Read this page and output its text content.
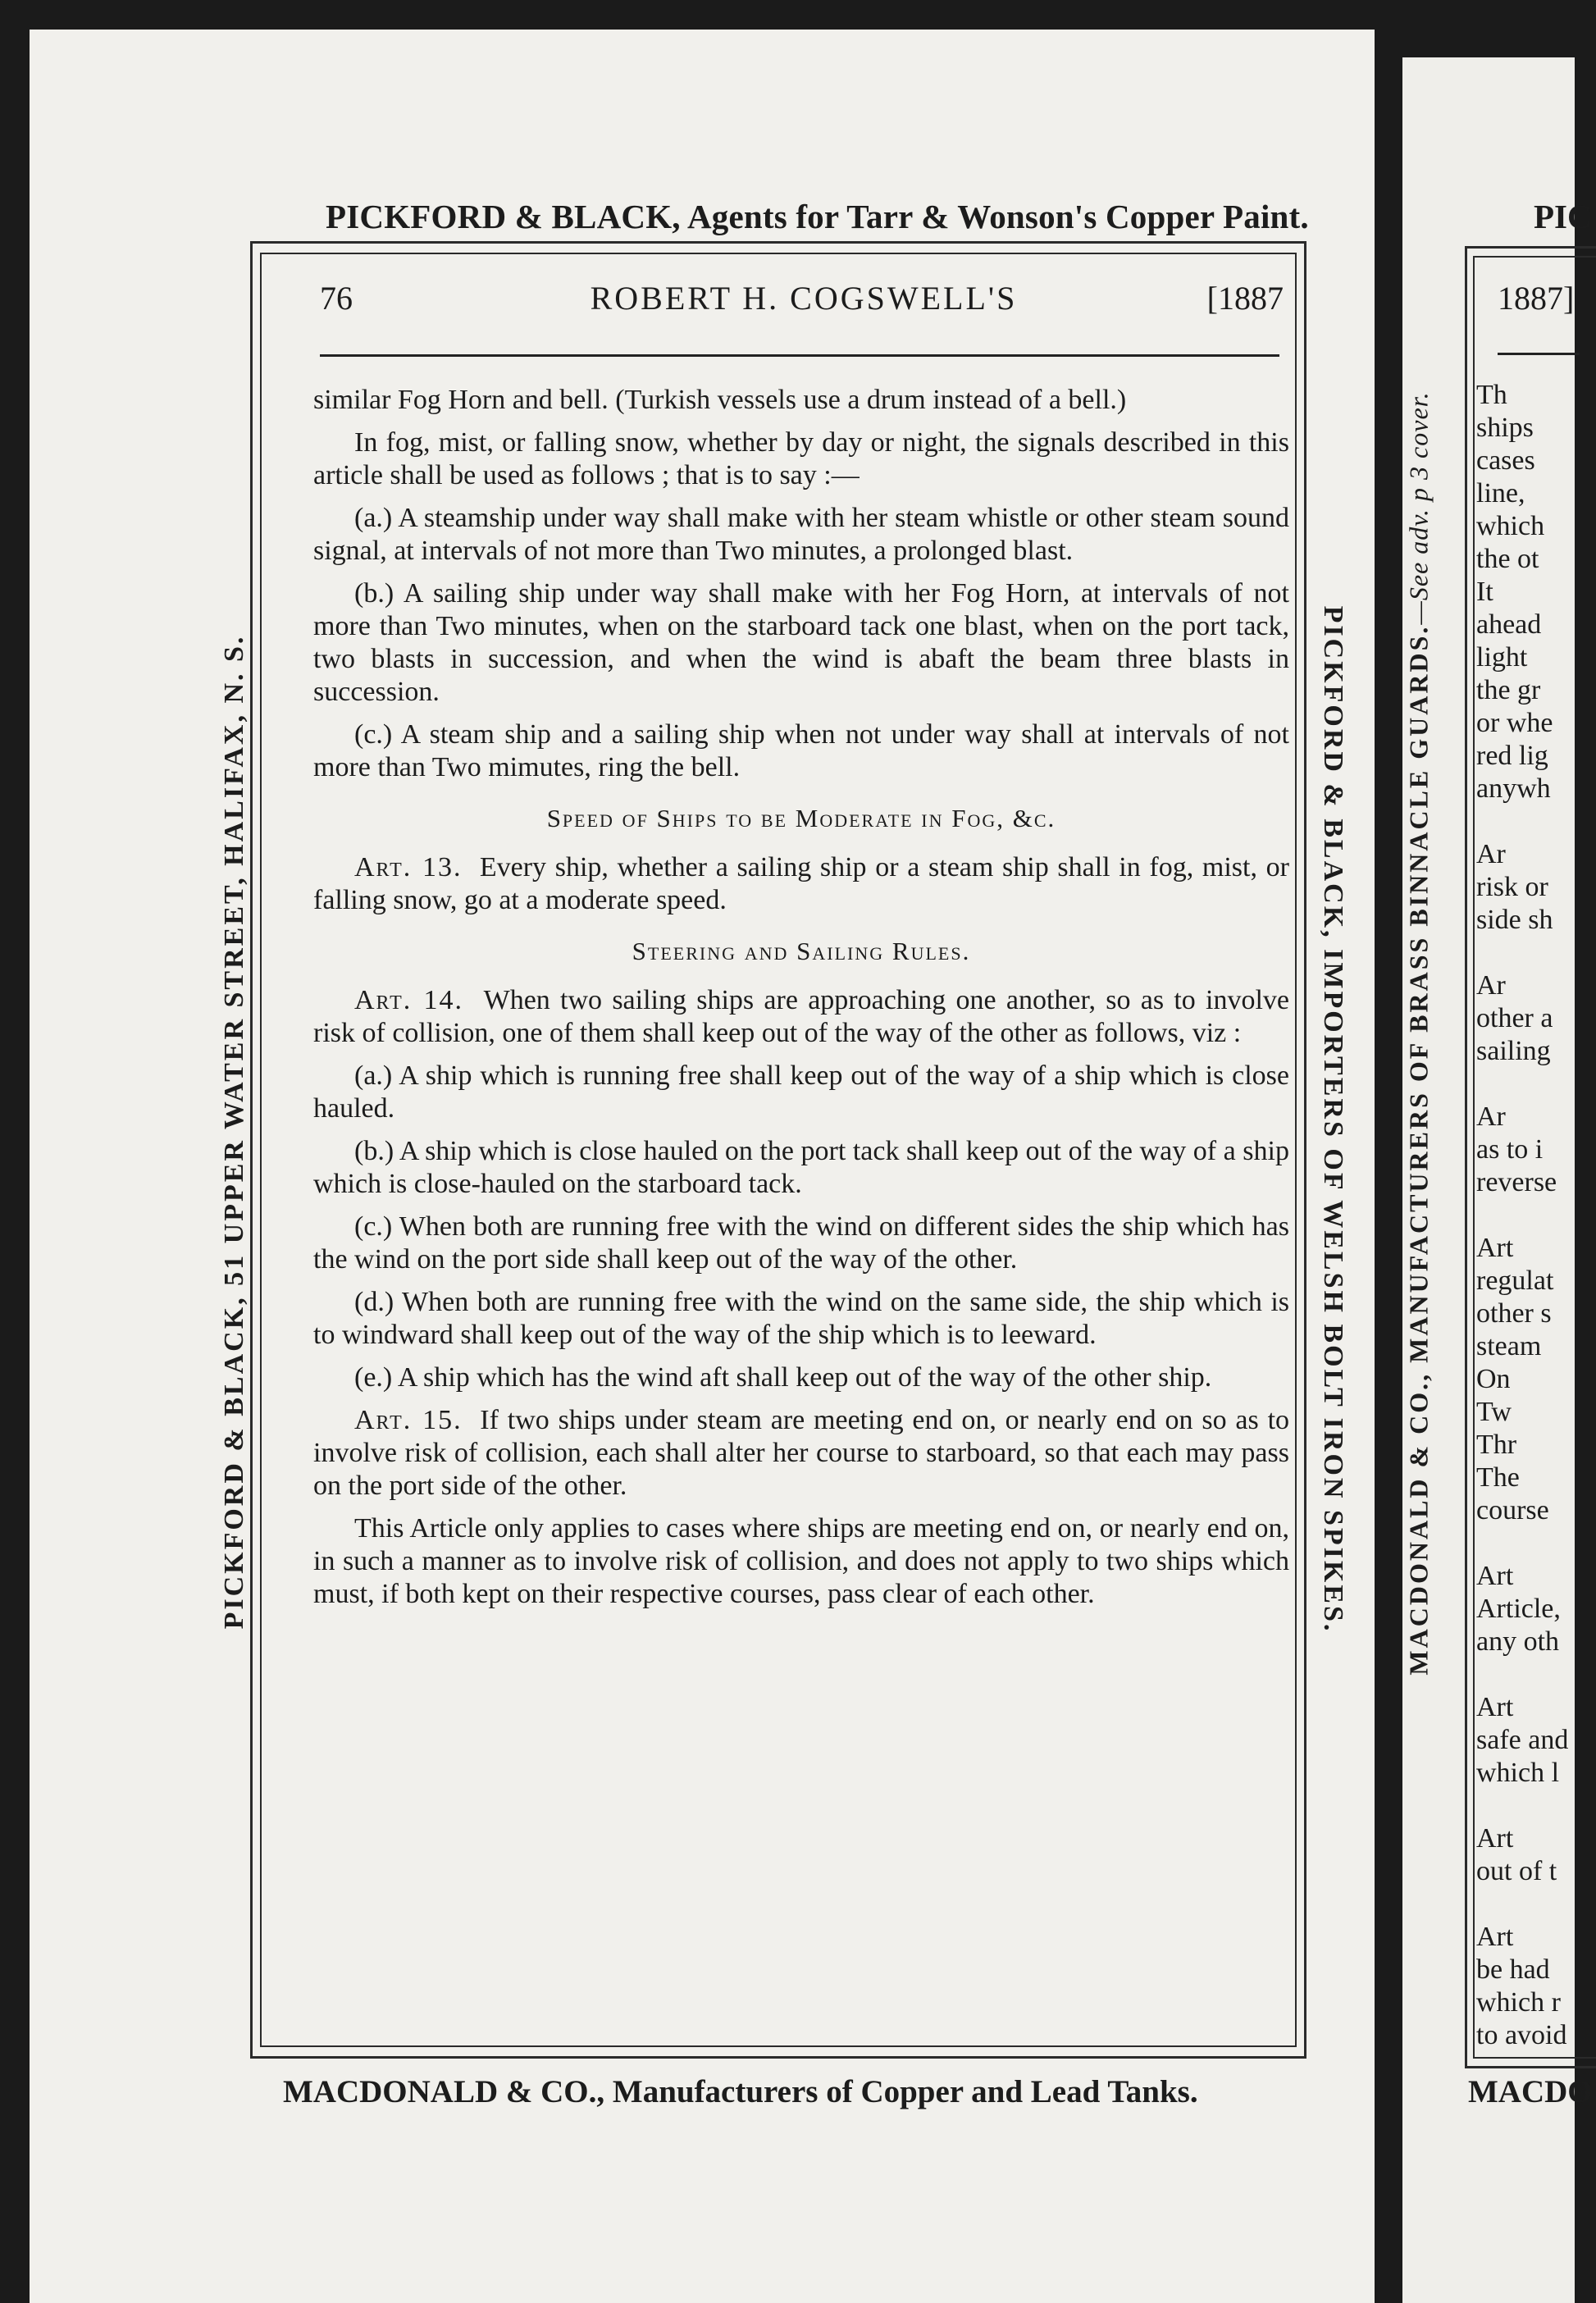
PICKFORD & BLACK, Agents for Tarr & Wonson's Copper Paint.
PICKFORD & BLACK, 51 UPPER WATER STREET, HALIFAX, N. S.	PICKFORD & BLACK, IMPORTERS OF WELSH BOLT IRON SPIKES.
76	ROBERT H. COGSWELL'S	[1887

similar Fog Horn and bell. (Turkish vessels use a drum instead of a bell.)

In fog, mist, or falling snow, whether by day or night, the signals described in this article shall be used as follows ; that is to say :—

(a.) A steamship under way shall make with her steam whistle or other steam sound signal, at intervals of not more than Two minutes, a prolonged blast.

(b.) A sailing ship under way shall make with her Fog Horn, at intervals of not more than Two minutes, when on the starboard tack one blast, when on the port tack, two blasts in succession, and when the wind is abaft the beam three blasts in succession.

(c.) A steam ship and a sailing ship when not under way shall at intervals of not more than Two mimutes, ring the bell.

Speed of Ships to be Moderate in Fog, &c.

Art. 13. Every ship, whether a sailing ship or a steam ship shall in fog, mist, or falling snow, go at a moderate speed.

Steering and Sailing Rules.

Art. 14. When two sailing ships are approaching one another, so as to involve risk of collision, one of them shall keep out of the way of the other as follows, viz :

(a.) A ship which is running free shall keep out of the way of a ship which is close hauled.

(b.) A ship which is close hauled on the port tack shall keep out of the way of a ship which is close-hauled on the starboard tack.

(c.) When both are running free with the wind on different sides the ship which has the wind on the port side shall keep out of the way of the other.

(d.) When both are running free with the wind on the same side, the ship which is to windward shall keep out of the way of the ship which is to leeward.

(e.) A ship which has the wind aft shall keep out of the way of the other ship.

Art. 15. If two ships under steam are meeting end on, or nearly end on so as to involve risk of collision, each shall alter her course to starboard, so that each may pass on the port side of the other.

This Article only applies to cases where ships are meeting end on, or nearly end on, in such a manner as to involve risk of collision, and does not apply to two ships which must, if both kept on their respective courses, pass clear of each other.

MACDONALD & CO., Manufacturers of Copper and Lead Tanks.
PIC
1887]
Th
ships
cases
line,
which
the ot
It
ahead
light
the gr
or whe
red lig
anywh

Ar
risk or
side sh

Ar
other a
sailing

Ar
as to i
reverse

Art
regulat
other s
steam
On
Tw
Thr
The
course

Art
Article,
any oth

Art
safe and
which l

Art
out of t

Art
be had
which r
to avoid
MACDONALD & CO., MANUFACTURERS OF BRASS BINNACLE GUARDS.—See adv. p 3 cover.
MACDO
